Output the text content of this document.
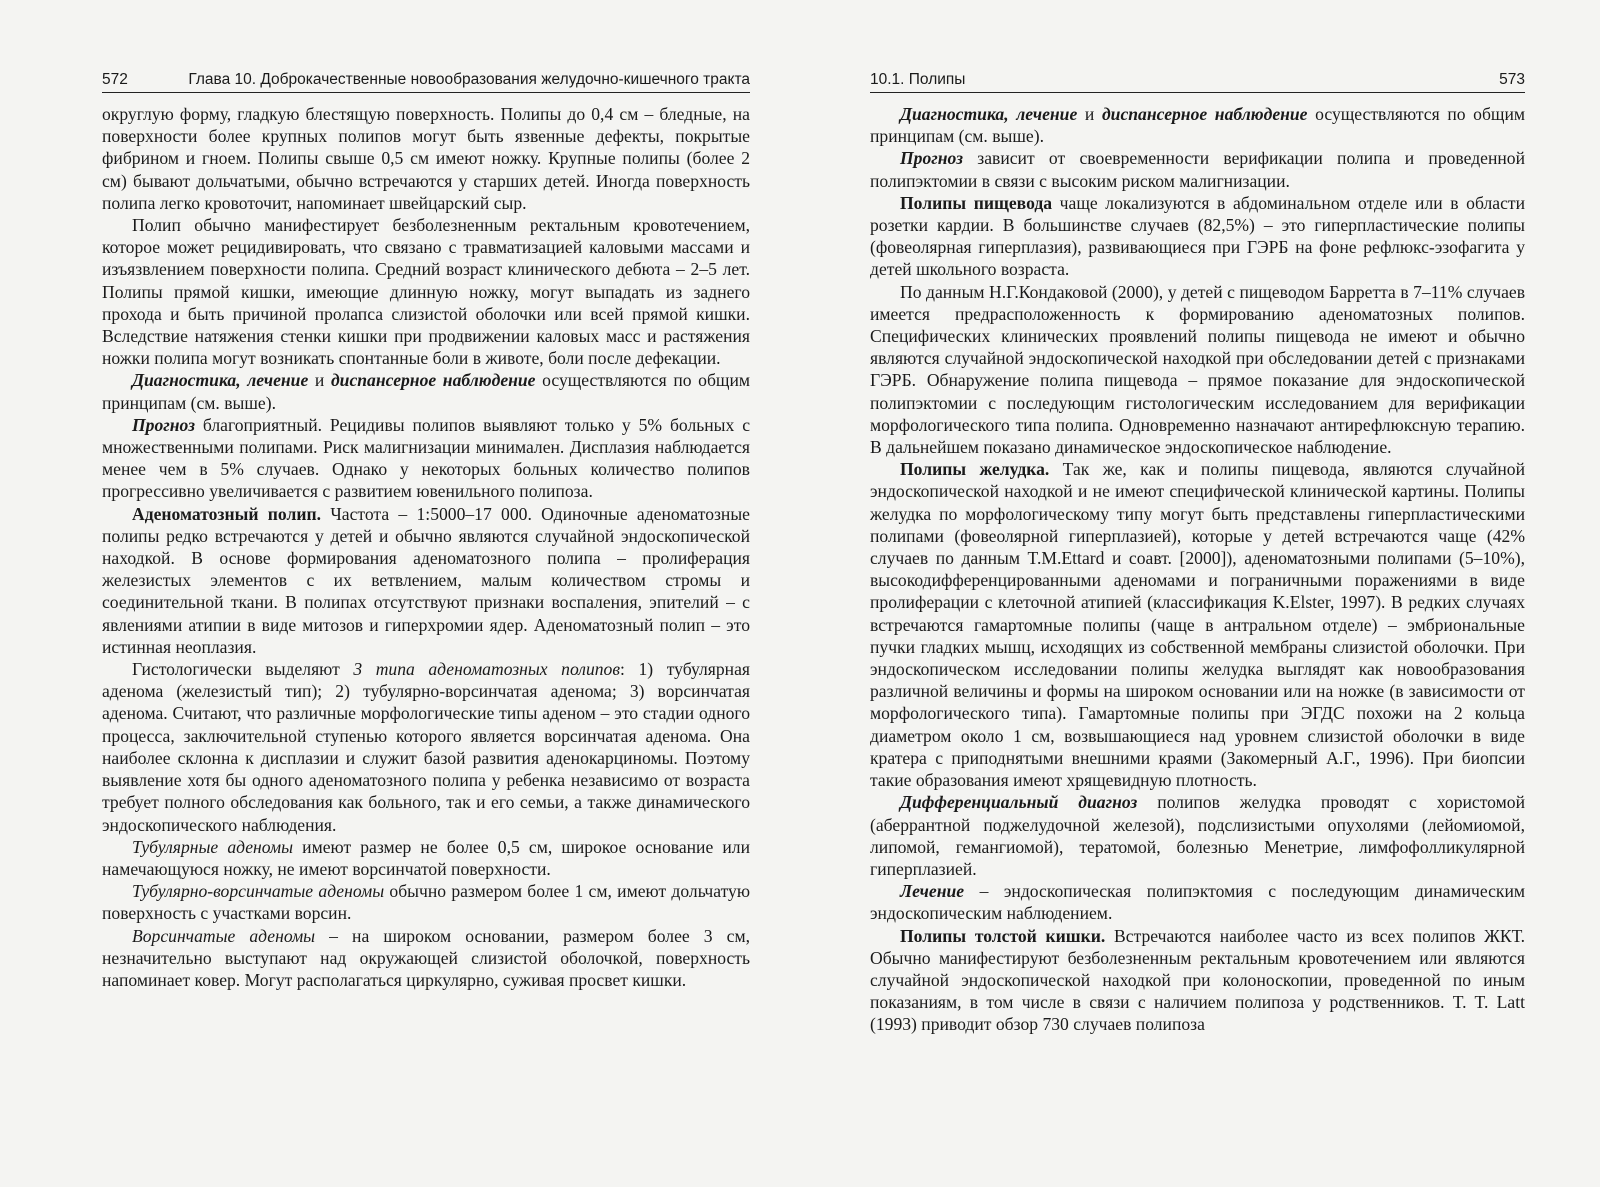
572	Глава 10. Доброкачественные новообразования желудочно-кишечного тракта

округлую форму, гладкую блестящую поверхность. Полипы до 0,4 см – бледные, на поверхности более крупных полипов могут быть язвенные дефекты, покрытые фибрином и гноем. Полипы свыше 0,5 см имеют ножку. Крупные полипы (более 2 см) бывают дольчатыми, обычно встречаются у старших детей. Иногда поверхность полипа легко кровоточит, напоминает швейцарский сыр.

Полип обычно манифестирует безболезненным ректальным кровотечением, которое может рецидивировать, что связано с травматизацией каловыми массами и изъязвлением поверхности полипа. Средний возраст клинического дебюта – 2–5 лет. Полипы прямой кишки, имеющие длинную ножку, могут выпадать из заднего прохода и быть причиной пролапса слизистой оболочки или всей прямой кишки. Вследствие натяжения стенки кишки при продвижении каловых масс и растяжения ножки полипа могут возникать спонтанные боли в животе, боли после дефекации.

Диагностика, лечение и диспансерное наблюдение осуществляются по общим принципам (см. выше).

Прогноз благоприятный. Рецидивы полипов выявляют только у 5% больных с множественными полипами. Риск малигнизации минимален. Дисплазия наблюдается менее чем в 5% случаев. Однако у некоторых больных количество полипов прогрессивно увеличивается с развитием ювенильного полипоза.

Аденоматозный полип. Частота – 1:5000–17 000. Одиночные аденоматозные полипы редко встречаются у детей и обычно являются случайной эндоскопической находкой. В основе формирования аденоматозного полипа – пролиферация железистых элементов с их ветвлением, малым количеством стромы и соединительной ткани. В полипах отсутствуют признаки воспаления, эпителий – с явлениями атипии в виде митозов и гиперхромии ядер. Аденоматозный полип – это истинная неоплазия.

Гистологически выделяют 3 типа аденоматозных полипов: 1) тубулярная аденома (железистый тип); 2) тубулярно-ворсинчатая аденома; 3) ворсинчатая аденома. Считают, что различные морфологические типы аденом – это стадии одного процесса, заключительной ступенью которого является ворсинчатая аденома. Она наиболее склонна к дисплазии и служит базой развития аденокарциномы. Поэтому выявление хотя бы одного аденоматозного полипа у ребенка независимо от возраста требует полного обследования как больного, так и его семьи, а также динамического эндоскопического наблюдения.

Тубулярные аденомы имеют размер не более 0,5 см, широкое основание или намечающуюся ножку, не имеют ворсинчатой поверхности.

Тубулярно-ворсинчатые аденомы обычно размером более 1 см, имеют дольчатую поверхность с участками ворсин.

Ворсинчатые аденомы – на широком основании, размером более 3 см, незначительно выступают над окружающей слизистой оболочкой, поверхность напоминает ковер. Могут располагаться циркулярно, суживая просвет кишки.

10.1. Полипы	573

Диагностика, лечение и диспансерное наблюдение осуществляются по общим принципам (см. выше).

Прогноз зависит от своевременности верификации полипа и проведенной полипэктомии в связи с высоким риском малигнизации.

Полипы пищевода чаще локализуются в абдоминальном отделе или в области розетки кардии. В большинстве случаев (82,5%) – это гиперпластические полипы (фовеолярная гиперплазия), развивающиеся при ГЭРБ на фоне рефлюкс-эзофагита у детей школьного возраста.

По данным Н.Г.Кондаковой (2000), у детей с пищеводом Барретта в 7–11% случаев имеется предрасположенность к формированию аденоматозных полипов. Специфических клинических проявлений полипы пищевода не имеют и обычно являются случайной эндоскопической находкой при обследовании детей с признаками ГЭРБ. Обнаружение полипа пищевода – прямое показание для эндоскопической полипэктомии с последующим гистологическим исследованием для верификации морфологического типа полипа. Одновременно назначают антирефлюксную терапию. В дальнейшем показано динамическое эндоскопическое наблюдение.

Полипы желудка. Так же, как и полипы пищевода, являются случайной эндоскопической находкой и не имеют специфической клинической картины. Полипы желудка по морфологическому типу могут быть представлены гиперпластическими полипами (фовеолярной гиперплазией), которые у детей встречаются чаще (42% случаев по данным T.M.Ettard и соавт. [2000]), аденоматозными полипами (5–10%), высокодифференцированными аденомами и пограничными поражениями в виде пролиферации с клеточной атипией (классификация K.Elster, 1997). В редких случаях встречаются гамартомные полипы (чаще в антральном отделе) – эмбриональные пучки гладких мышц, исходящих из собственной мембраны слизистой оболочки. При эндоскопическом исследовании полипы желудка выглядят как новообразования различной величины и формы на широком основании или на ножке (в зависимости от морфологического типа). Гамартомные полипы при ЭГДС похожи на 2 кольца диаметром около 1 см, возвышающиеся над уровнем слизистой оболочки в виде кратера с приподнятыми внешними краями (Закомерный А.Г., 1996). При биопсии такие образования имеют хрящевидную плотность.

Дифференциальный диагноз полипов желудка проводят с хористомой (аберрантной поджелудочной железой), подслизистыми опухолями (лейомиомой, липомой, гемангиомой), тератомой, болезнью Менетрие, лимфофолликулярной гиперплазией.

Лечение – эндоскопическая полипэктомия с последующим динамическим эндоскопическим наблюдением.

Полипы толстой кишки. Встречаются наиболее часто из всех полипов ЖКТ. Обычно манифестируют безболезненным ректальным кровотечением или являются случайной эндоскопической находкой при колоноскопии, проведенной по иным показаниям, в том числе в связи с наличием полипоза у родственников. T. T. Latt (1993) приводит обзор 730 случаев полипоза
